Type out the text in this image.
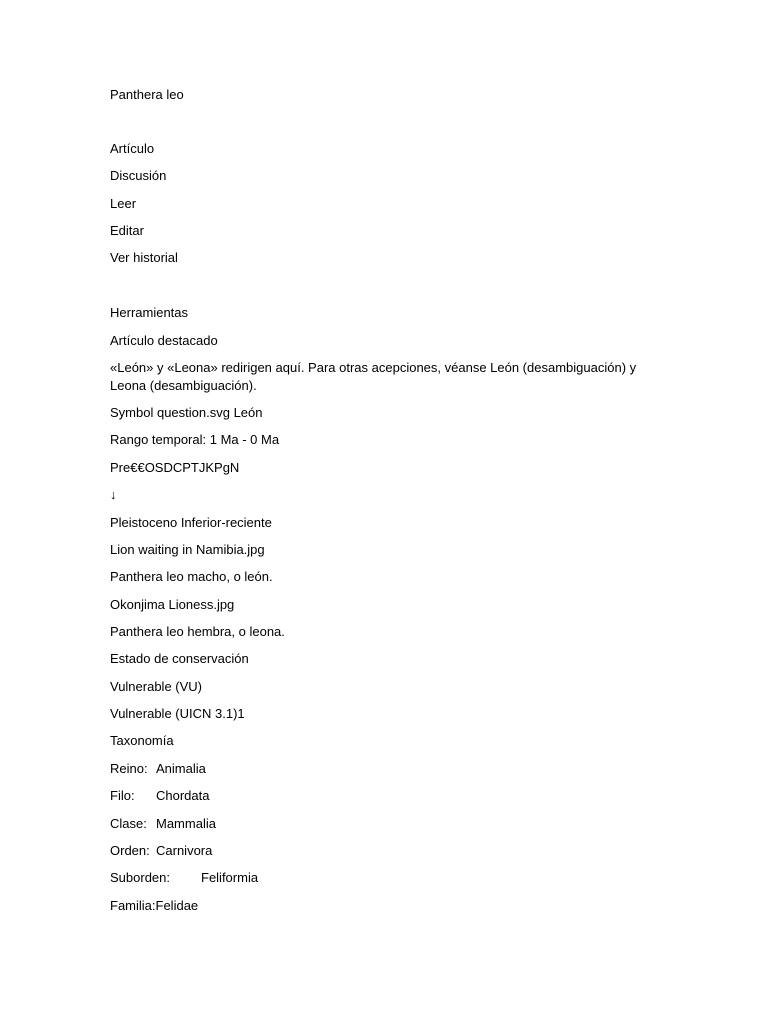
Panthera leo
Artículo
Discusión
Leer
Editar
Ver historial
Herramientas
Artículo destacado
«León» y «Leona» redirigen aquí. Para otras acepciones, véanse León (desambiguación) y Leona (desambiguación).
Symbol question.svg León
Rango temporal: 1 Ma - 0 Ma
Pre€€OSDCPTJKPgN
↓
Pleistoceno Inferior-reciente
Lion waiting in Namibia.jpg
Panthera leo macho, o león.
Okonjima Lioness.jpg
Panthera leo hembra, o leona.
Estado de conservación
Vulnerable (VU)
Vulnerable (UICN 3.1)1
Taxonomía
Reino: Animalia
Filo: Chordata
Clase: Mammalia
Orden: Carnivora
Suborden: Feliformia
Familia:Felidae
